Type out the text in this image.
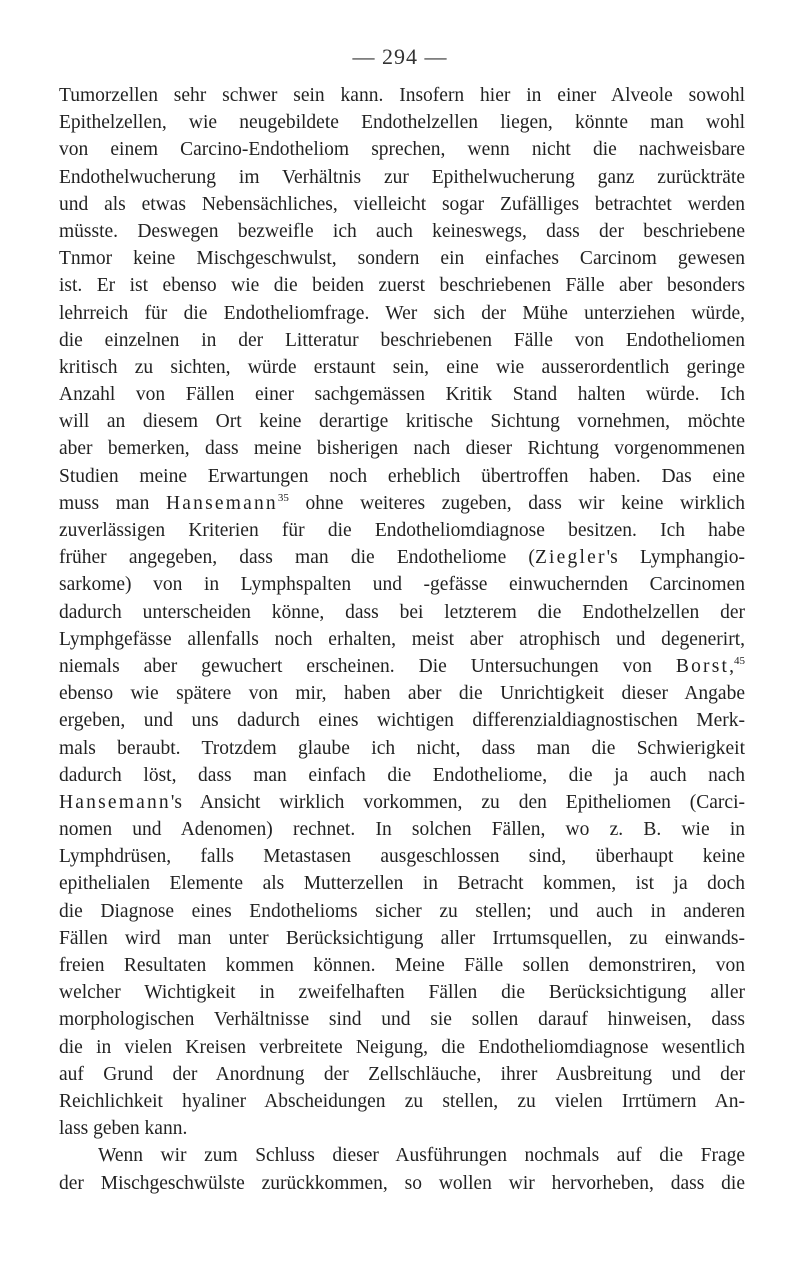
— 294 —
Tumorzellen sehr schwer sein kann. Insofern hier in einer Alveole sowohl
Epithelzellen, wie neugebildete Endothelzellen liegen, könnte man wohl
von einem Carcino-Endotheliom sprechen, wenn nicht die nachweisbare
Endothelwucherung im Verhältnis zur Epithelwucherung ganz zurückträte
und als etwas Nebensächliches, vielleicht sogar Zufälliges betrachtet werden
müsste. Deswegen bezweifle ich auch keineswegs, dass der beschriebene
Tnmor keine Mischgeschwulst, sondern ein einfaches Carcinom gewesen
ist. Er ist ebenso wie die beiden zuerst beschriebenen Fälle aber besonders
lehrreich für die Endotheliomfrage. Wer sich der Mühe unterziehen würde,
die einzelnen in der Litteratur beschriebenen Fälle von Endotheliomen
kritisch zu sichten, würde erstaunt sein, eine wie ausserordentlich geringe
Anzahl von Fällen einer sachgemässen Kritik Stand halten würde. Ich
will an diesem Ort keine derartige kritische Sichtung vornehmen, möchte
aber bemerken, dass meine bisherigen nach dieser Richtung vorgenommenen
Studien meine Erwartungen noch erheblich übertroffen haben. Das eine
muss man Hansemann$^{35}$ ohne weiteres zugeben, dass wir keine wirklich
zuverlässigen Kriterien für die Endotheliomdiagnose besitzen. Ich habe
früher angegeben, dass man die Endotheliome (Ziegler's Lymphangio-
sarkome) von in Lymphspalten und -gefässe einwuchernden Carcinomen
dadurch unterscheiden könne, dass bei letzterem die Endothelzellen der
Lymphgefässe allenfalls noch erhalten, meist aber atrophisch und degenerirt,
niemals aber gewuchert erscheinen. Die Untersuchungen von Borst,$^{45}$
ebenso wie spätere von mir, haben aber die Unrichtigkeit dieser Angabe
ergeben, und uns dadurch eines wichtigen differenzialdiagnostischen Merk-
mals beraubt. Trotzdem glaube ich nicht, dass man die Schwierigkeit
dadurch löst, dass man einfach die Endotheliome, die ja auch nach
Hansemann's Ansicht wirklich vorkommen, zu den Epitheliomen (Carci-
nomen und Adenomen) rechnet. In solchen Fällen, wo z. B. wie in
Lymphdrüsen, falls Metastasen ausgeschlossen sind, überhaupt keine
epithelialen Elemente als Mutterzellen in Betracht kommen, ist ja doch
die Diagnose eines Endothelioms sicher zu stellen; und auch in anderen
Fällen wird man unter Berücksichtigung aller Irrtumsquellen, zu einwands-
freien Resultaten kommen können. Meine Fälle sollen demonstriren, von
welcher Wichtigkeit in zweifelhaften Fällen die Berücksichtigung aller
morphologischen Verhältnisse sind und sie sollen darauf hinweisen, dass
die in vielen Kreisen verbreitete Neigung, die Endotheliomdiagnose wesentlich
auf Grund der Anordnung der Zellschläuche, ihrer Ausbreitung und der
Reichlichkeit hyaliner Abscheidungen zu stellen, zu vielen Irrtümern An-
lass geben kann.
Wenn wir zum Schluss dieser Ausführungen nochmals auf die Frage
der Mischgeschwülste zurückkommen, so wollen wir hervorheben, dass die
